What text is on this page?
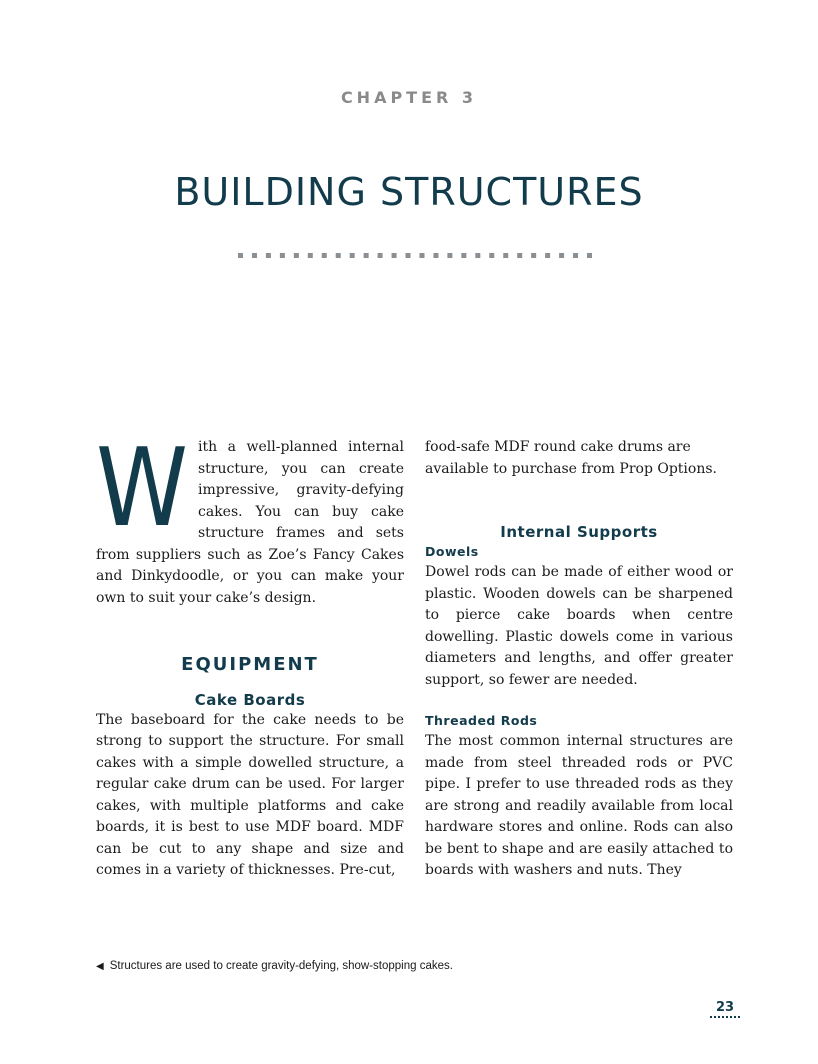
CHAPTER 3
BUILDING STRUCTURES
W ith a well-planned internal structure, you can create impressive, gravity-defying cakes. You can buy cake structure frames and sets from suppliers such as Zoe’s Fancy Cakes and Dinkydoodle, or you can make your own to suit your cake’s design.

EQUIPMENT
Cake Boards

The baseboard for the cake needs to be strong to support the structure. For small cakes with a simple dowelled structure, a regular cake drum can be used. For larger cakes, with multiple platforms and cake boards, it is best to use MDF board. MDF can be cut to any shape and size and comes in a variety of thicknesses. Pre-cut,

food-safe MDF round cake drums are available to purchase from Prop Options.

Internal Supports
Dowels

Dowel rods can be made of either wood or plastic. Wooden dowels can be sharpened to pierce cake boards when centre dowelling. Plastic dowels come in various diameters and lengths, and offer greater support, so fewer are needed.

Threaded Rods

The most common internal structures are made from steel threaded rods or PVC pipe. I prefer to use threaded rods as they are strong and readily available from local hardware stores and online. Rods can also be bent to shape and are easily attached to boards with washers and nuts. They

◀ Structures are used to create gravity-defying, show-stopping cakes.
23
